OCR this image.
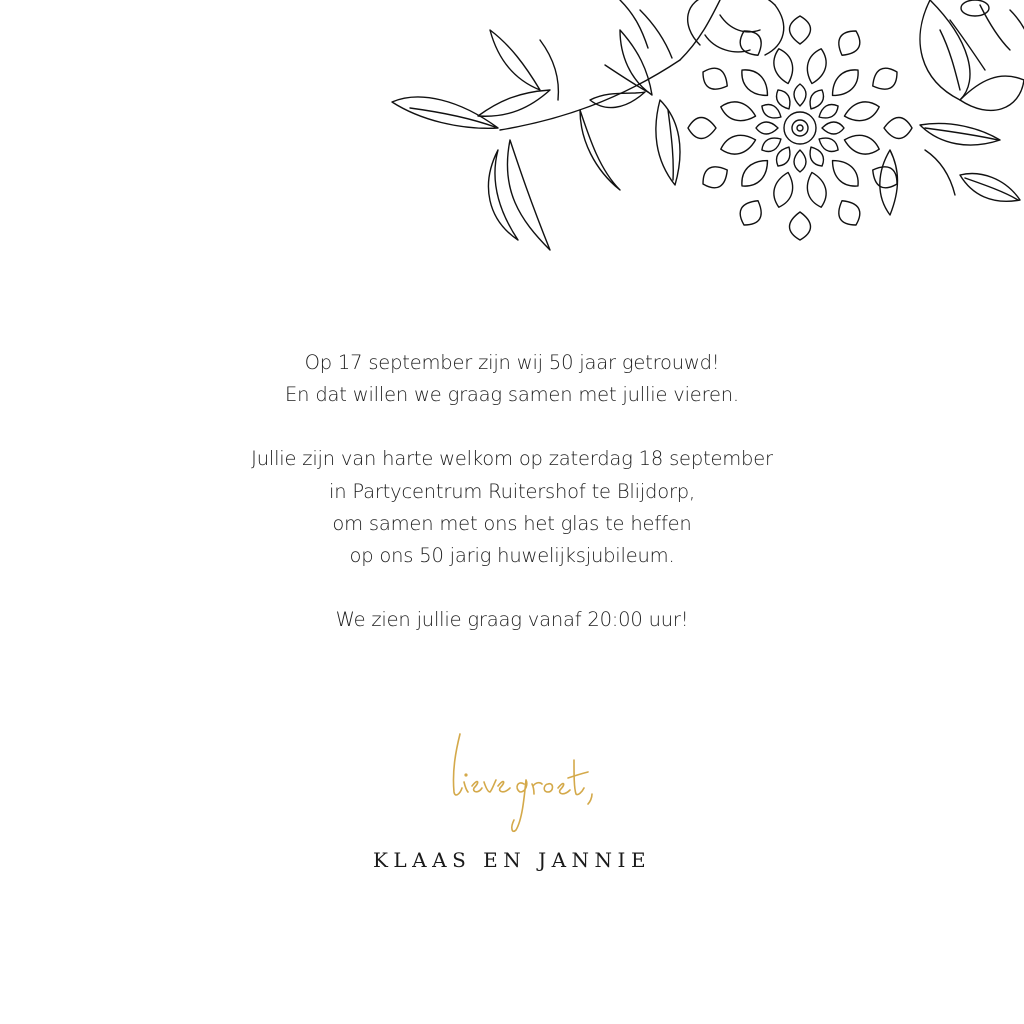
Op 17 september zijn wij 50 jaar getrouwd!
En dat willen we graag samen met jullie vieren.
Jullie zijn van harte welkom op zaterdag 18 september
in Partycentrum Ruitershof te Blijdorp,
om samen met ons het glas te heffen
op ons 50 jarig huwelijksjubileum.
We zien jullie graag vanaf 20:00 uur!
KLAAS EN JANNIE
